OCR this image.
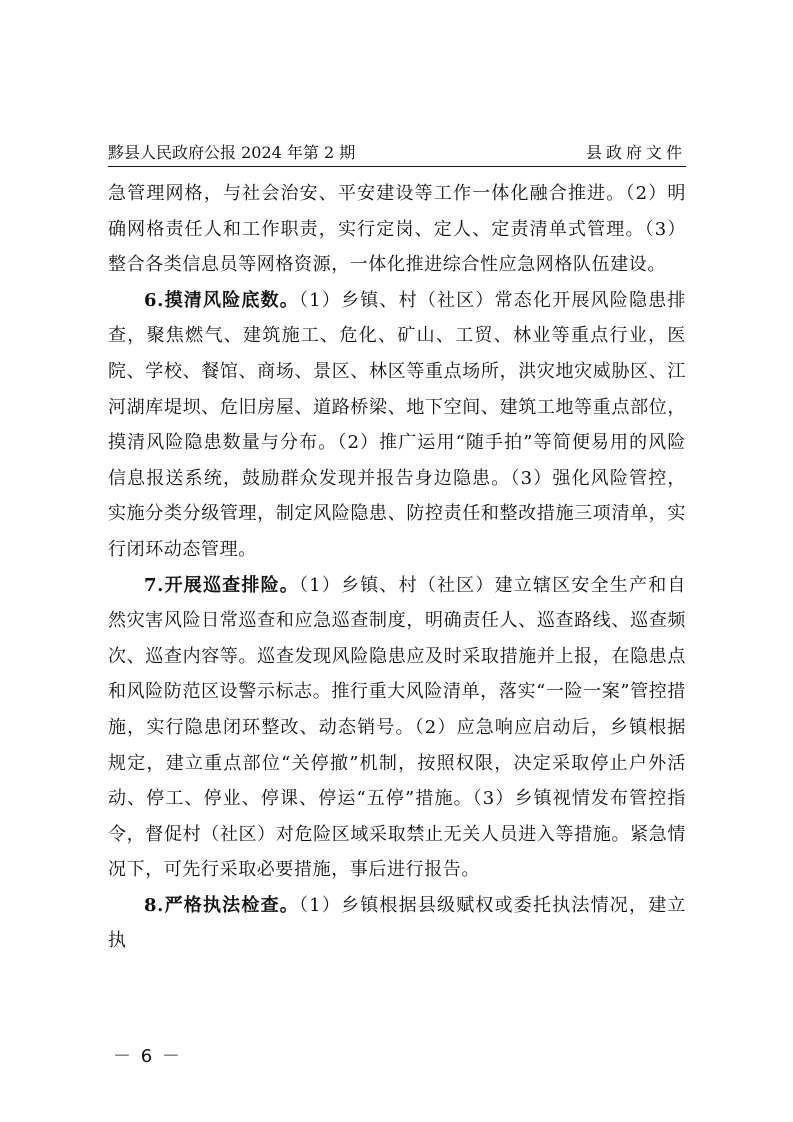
黟县人民政府公报 2024 年第 2 期	县政府文件

急管理网格，与社会治安、平安建设等工作一体化融合推进。（2）明确网格责任人和工作职责，实行定岗、定人、定责清单式管理。（3）整合各类信息员等网格资源，一体化推进综合性应急网格队伍建设。

6.摸清风险底数。（1）乡镇、村（社区）常态化开展风险隐患排查，聚焦燃气、建筑施工、危化、矿山、工贸、林业等重点行业，医院、学校、餐馆、商场、景区、林区等重点场所，洪灾地灾威胁区、江河湖库堤坝、危旧房屋、道路桥梁、地下空间、建筑工地等重点部位，摸清风险隐患数量与分布。（2）推广运用“随手拍”等简便易用的风险信息报送系统，鼓励群众发现并报告身边隐患。（3）强化风险管控，实施分类分级管理，制定风险隐患、防控责任和整改措施三项清单，实行闭环动态管理。

7.开展巡查排险。（1）乡镇、村（社区）建立辖区安全生产和自然灾害风险日常巡查和应急巡查制度，明确责任人、巡查路线、巡查频次、巡查内容等。巡查发现风险隐患应及时采取措施并上报，在隐患点和风险防范区设警示标志。推行重大风险清单，落实“一险一案”管控措施，实行隐患闭环整改、动态销号。（2）应急响应启动后，乡镇根据规定，建立重点部位“关停撤”机制，按照权限，决定采取停止户外活动、停工、停业、停课、停运“五停”措施。（3）乡镇视情发布管控指令，督促村（社区）对危险区域采取禁止无关人员进入等措施。紧急情况下，可先行采取必要措施，事后进行报告。

8.严格执法检查。（1）乡镇根据县级赋权或委托执法情况，建立执

－ 6 －
